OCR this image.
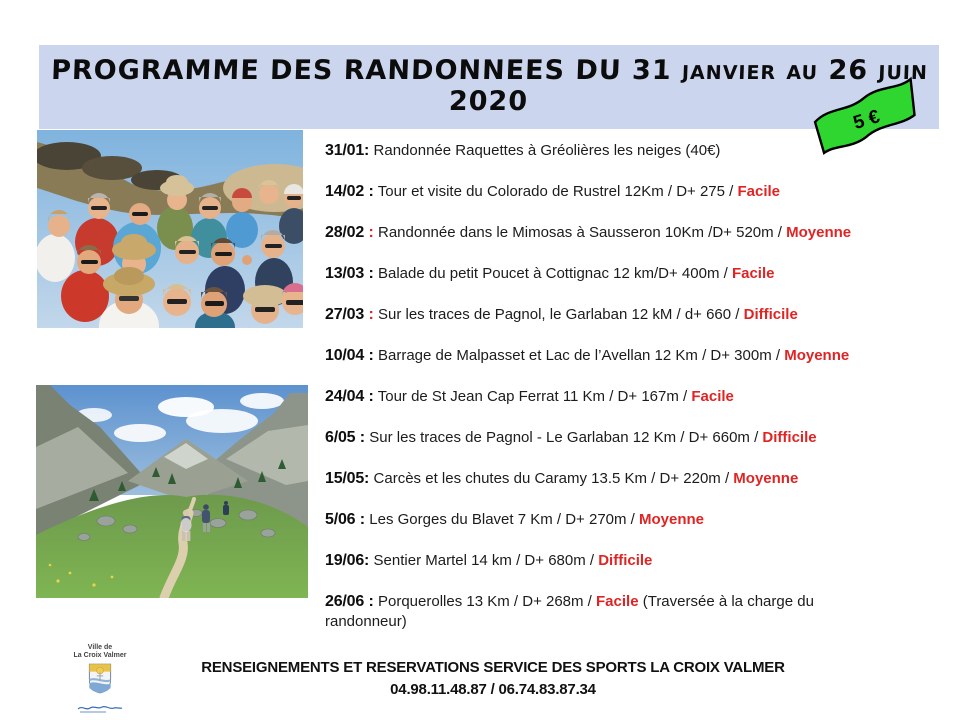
PROGRAMME DES RANDONNEES DU 31 janvier au 26 juin 2020
5 €
31/01: Randonnée Raquettes à Gréolières les neiges (40€)
14/02 : Tour et visite du Colorado de Rustrel 12Km / D+ 275 / Facile
28/02 : Randonnée dans le Mimosas à Sausseron 10Km /D+ 520m / Moyenne
13/03 : Balade du petit Poucet à Cottignac 12 km/D+ 400m / Facile
27/03 : Sur les traces de Pagnol, le Garlaban 12 kM / d+ 660 / Difficile
10/04 : Barrage de Malpasset et Lac de l’Avellan 12 Km / D+ 300m / Moyenne
24/04 : Tour de St Jean Cap Ferrat 11 Km / D+ 167m / Facile
6/05 : Sur les traces de Pagnol - Le Garlaban 12 Km / D+ 660m / Difficile
15/05: Carcès et les chutes du Caramy 13.5 Km / D+ 220m / Moyenne
5/06 : Les Gorges du Blavet 7 Km / D+ 270m / Moyenne
19/06: Sentier Martel 14 km / D+ 680m / Difficile
26/06 : Porquerolles 13 Km / D+ 268m / Facile (Traversée à la charge du
randonneur)
Ville de
La Croix Valmer
RENSEIGNEMENTS ET RESERVATIONS SERVICE DES SPORTS LA CROIX VALMER
04.98.11.48.87 / 06.74.83.87.34
